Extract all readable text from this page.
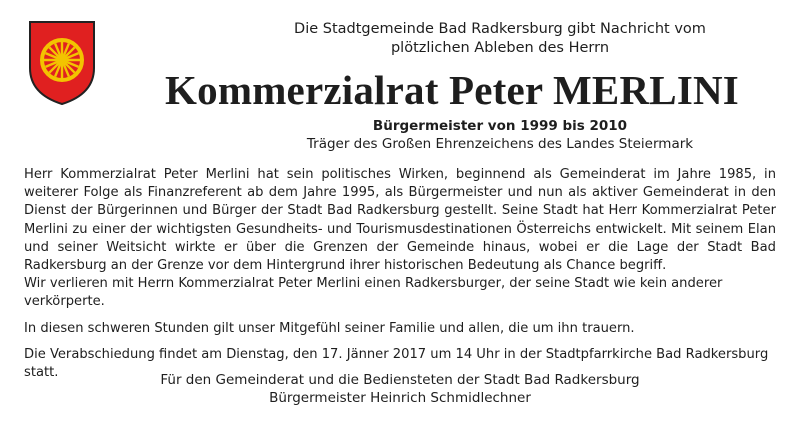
Die Stadtgemeinde Bad Radkersburg gibt Nachricht vom
plötzlichen Ableben des Herrn
Kommerzialrat Peter MERLINI
Bürgermeister von 1999 bis 2010
Träger des Großen Ehrenzeichens des Landes Steiermark

Herr Kommerzialrat Peter Merlini hat sein politisches Wirken, beginnend als Gemeinderat im Jahre 1985, in weiterer Folge als Finanzreferent ab dem Jahre 1995, als Bürgermeister und nun als aktiver Gemeinderat in den Dienst der Bürgerinnen und Bürger der Stadt Bad Radkersburg gestellt. Seine Stadt hat Herr Kommerzialrat Peter Merlini zu einer der wichtigsten Gesundheits- und Tourismusdestinationen Österreichs entwickelt. Mit seinem Elan und seiner Weitsicht wirkte er über die Grenzen der Gemeinde hinaus, wobei er die Lage der Stadt Bad Radkersburg an der Grenze vor dem Hintergrund ihrer historischen Bedeutung als Chance begriff.

Wir verlieren mit Herrn Kommerzialrat Peter Merlini einen Radkersburger, der seine Stadt wie kein anderer verkörperte.

In diesen schweren Stunden gilt unser Mitgefühl seiner Familie und allen, die um ihn trauern.

Die Verabschiedung findet am Dienstag, den 17. Jänner 2017 um 14 Uhr in der Stadtpfarrkirche Bad Radkersburg statt.	Für den Gemeinderat und die Bediensteten der Stadt Bad Radkersburg
Bürgermeister Heinrich Schmidlechner
